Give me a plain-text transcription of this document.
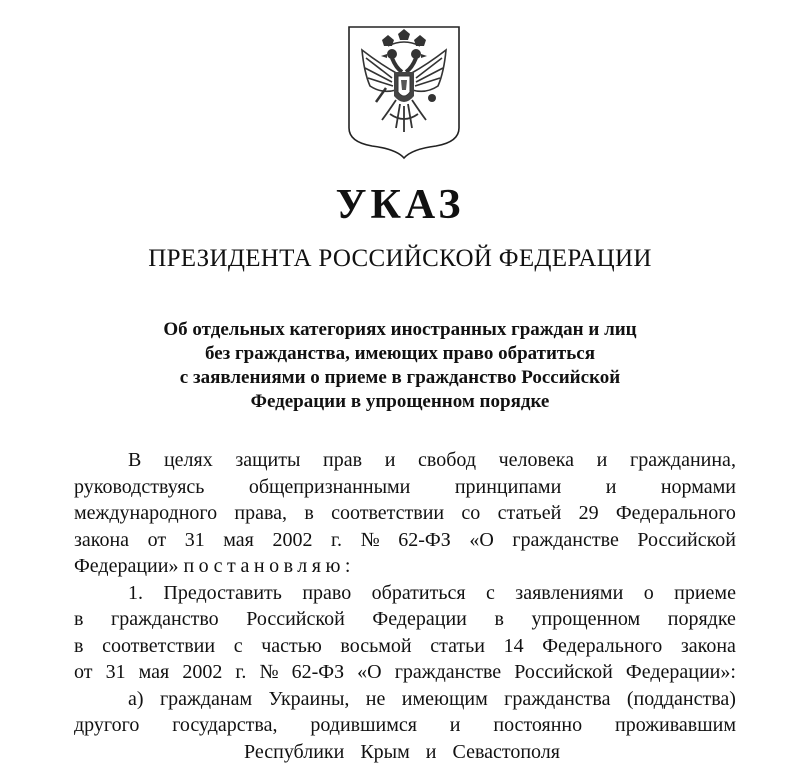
УКАЗ
ПРЕЗИДЕНТА РОССИЙСКОЙ ФЕДЕРАЦИИ
Об отдельных категориях иностранных граждан и лиц
без гражданства, имеющих право обратиться
с заявлениями о приеме в гражданство Российской
Федерации в упрощенном порядке
В целях защиты прав и свобод человека и гражданина,
руководствуясь общепризнанными принципами и нормами
международного права, в соответствии со статьей 29 Федерального
закона от 31 мая 2002 г. № 62-ФЗ «О гражданстве Российской
Федерации»
постановляю:
1. Предоставить право обратиться с заявлениями о приеме
в гражданство Российской Федерации в упрощенном порядке
в соответствии с частью восьмой статьи 14 Федерального закона
от 31 мая 2002 г. № 62-ФЗ «О гражданстве Российской Федерации»:
а) гражданам Украины, не имеющим гражданства (подданства)
другого государства, родившимся и постоянно проживавшим
Республики Крым и Севастополя
